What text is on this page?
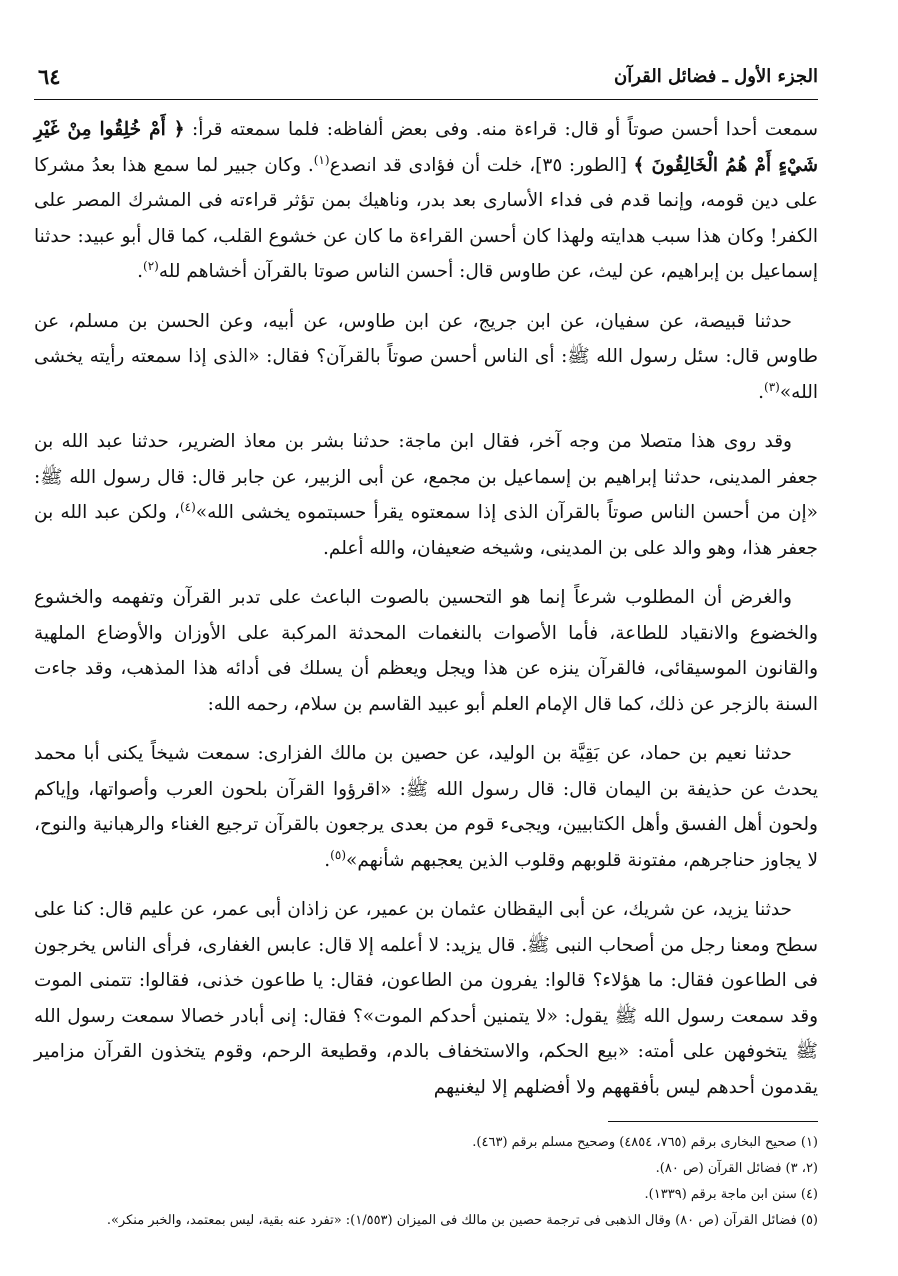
الجزء الأول ـ فضائل القرآن
٦٤

سمعت أحدا أحسن صوتاً أو قال: قراءة منه. وفى بعض ألفاظه: فلما سمعته قرأ: ﴿ أَمْ خُلِقُوا مِنْ غَيْرِ شَيْءٍ أَمْ هُمُ الْخَالِقُونَ ﴾ [الطور: ٣٥]، خلت أن فؤادى قد انصدع$^{(١)}$. وكان جبير لما سمع هذا بعدُ مشركا على دين قومه، وإنما قدم فى فداء الأسارى بعد بدر، وناهيك بمن تؤثر قراءته فى المشرك المصر على الكفر! وكان هذا سبب هدايته ولهذا كان أحسن القراءة ما كان عن خشوع القلب، كما قال أبو عبيد: حدثنا إسماعيل بن إبراهيم، عن ليث، عن طاوس قال: أحسن الناس صوتا بالقرآن أخشاهم لله$^{(٢)}$.

حدثنا قبيصة، عن سفيان، عن ابن جريج، عن ابن طاوس، عن أبيه، وعن الحسن بن مسلم، عن طاوس قال: سئل رسول الله ﷺ: أى الناس أحسن صوتاً بالقرآن؟ فقال: «الذى إذا سمعته رأيته يخشى الله»$^{(٣)}$.

وقد روى هذا متصلا من وجه آخر، فقال ابن ماجة: حدثنا بشر بن معاذ الضرير، حدثنا عبد الله بن جعفر المدينى، حدثنا إبراهيم بن إسماعيل بن مجمع، عن أبى الزبير، عن جابر قال: قال رسول الله ﷺ: «إن من أحسن الناس صوتاً بالقرآن الذى إذا سمعتوه يقرأ حسبتموه يخشى الله»$^{(٤)}$، ولكن عبد الله بن جعفر هذا، وهو والد على بن المدينى، وشيخه ضعيفان، والله أعلم.

والغرض أن المطلوب شرعاً إنما هو التحسين بالصوت الباعث على تدبر القرآن وتفهمه والخشوع والخضوع والانقياد للطاعة، فأما الأصوات بالنغمات المحدثة المركبة على الأوزان والأوضاع الملهية والقانون الموسيقائى، فالقرآن ينزه عن هذا ويجل ويعظم أن يسلك فى أدائه هذا المذهب، وقد جاءت السنة بالزجر عن ذلك، كما قال الإمام العلم أبو عبيد القاسم بن سلام، رحمه الله:

حدثنا نعيم بن حماد، عن بَقِيَّة بن الوليد، عن حصين بن مالك الفزارى: سمعت شيخاً يكنى أبا محمد يحدث عن حذيفة بن اليمان قال: قال رسول الله ﷺ: «اقرؤوا القرآن بلحون العرب وأصواتها، وإياكم ولحون أهل الفسق وأهل الكتابيين، ويجىء قوم من بعدى يرجعون بالقرآن ترجيع الغناء والرهبانية والنوح، لا يجاوز حناجرهم، مفتونة قلوبهم وقلوب الذين يعجبهم شأنهم»$^{(٥)}$.

حدثنا يزيد، عن شريك، عن أبى اليقظان عثمان بن عمير، عن زاذان أبى عمر، عن عليم قال: كنا على سطح ومعنا رجل من أصحاب النبى ﷺ. قال يزيد: لا أعلمه إلا قال: عابس الغفارى، فرأى الناس يخرجون فى الطاعون فقال: ما هؤلاء؟ قالوا: يفرون من الطاعون، فقال: يا طاعون خذنى، فقالوا: تتمنى الموت وقد سمعت رسول الله ﷺ يقول: «لا يتمنين أحدكم الموت»؟ فقال: إنى أبادر خصالا سمعت رسول الله ﷺ يتخوفهن على أمته: «بيع الحكم، والاستخفاف بالدم، وقطيعة الرحم، وقوم يتخذون القرآن مزامير يقدمون أحدهم ليس بأفقههم ولا أفضلهم إلا ليغنيهم

(١) صحيح البخارى برقم (٧٦٥، ٤٨٥٤) وصحيح مسلم برقم (٤٦٣).

(٢، ٣) فضائل القرآن (ص ٨٠).

(٤) سنن ابن ماجة برقم (١٣٣٩).

(٥) فضائل القرآن (ص ٨٠) وقال الذهبى فى ترجمة حصين بن مالك فى الميزان (١/٥٥٣): «تفرد عنه بقية، ليس بمعتمد، والخبر منكر».
